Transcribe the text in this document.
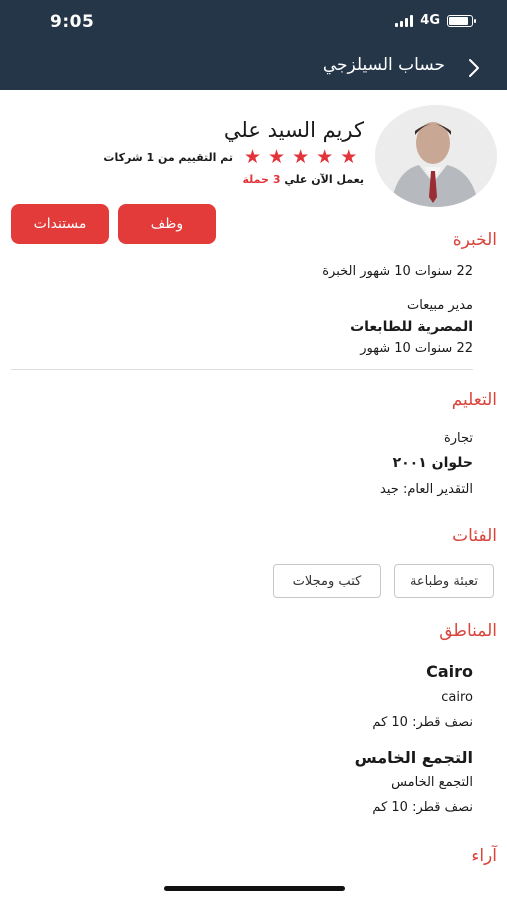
9:05	4G
حساب السيلزجي
كريم السيد علي
★ ★ ★ ★ ★
تم التقييم من 1 شركات
يعمل الآن علي 3 حملة
وظف
مستندات
الخبرة
22 سنوات 10 شهور الخبرة
مدير مبيعات
المصرية للطابعات
22 سنوات 10 شهور
التعليم
تجارة
حلوان ٢٠٠١
التقدير العام: جيد
الفئات
تعبئة وطباعة
كتب ومجلات
المناطق
Cairo
cairo
نصف قطر: 10 كم
التجمع الخامس
التجمع الخامس
نصف قطر: 10 كم
آراء
